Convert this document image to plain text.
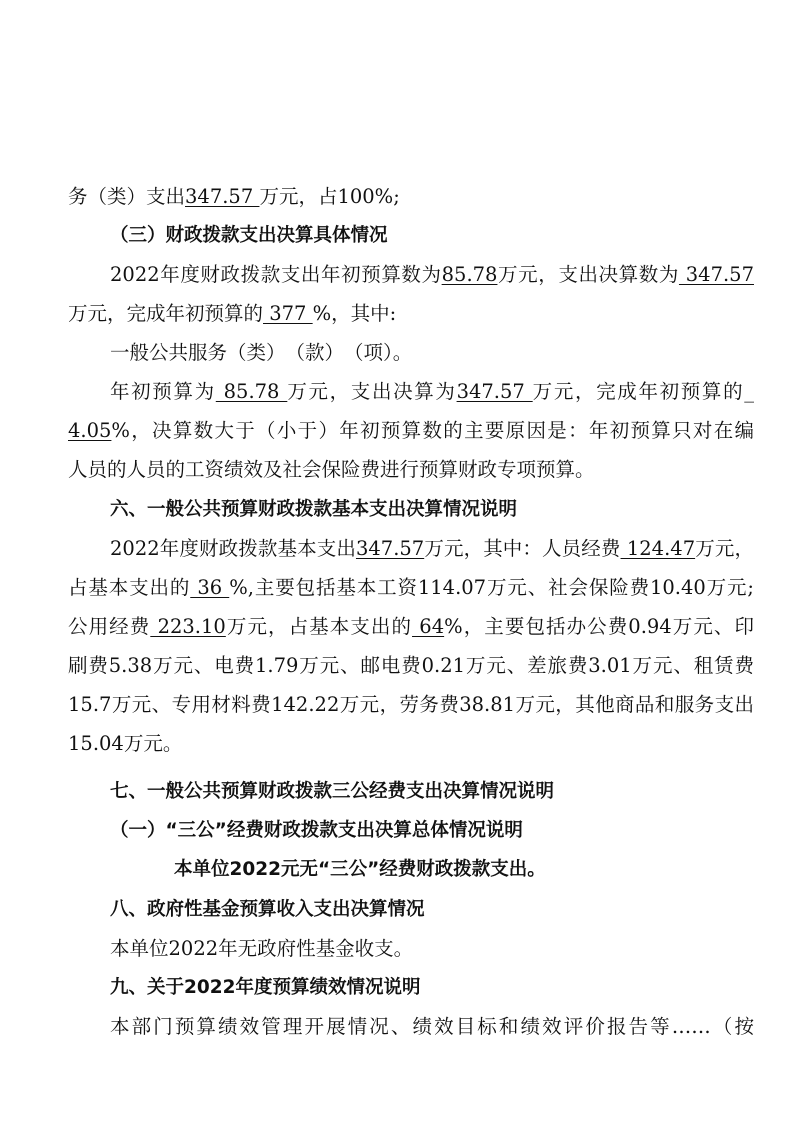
务（类）支出347.57 万元，占100%;
（三）财政拨款支出决算具体情况
2022年度财政拨款支出年初预算数为85.78万元，支出决算数为 347.57
万元，完成年初预算的 377 %，其中:
一般公共服务（类）　（款）　（项）。
年初预算为 85.78 万元，支出决算为347.57 万元，完成年初预算的_
4.05%，决算数大于（小于）年初预算数的主要原因是：年初预算只对在编
人员的人员的工资绩效及社会保险费进行预算财政专项预算。
六、一般公共预算财政拨款基本支出决算情况说明
2022年度财政拨款基本支出347.57万元，其中：人员经费 124.47万元，
占基本支出的 36 %,主要包括基本工资114.07万元、社会保险费10.40万元;
公用经费 223.10万元，占基本支出的 64%，主要包括办公费0.94万元、印
刷费5.38万元、电费1.79万元、邮电费0.21万元、差旅费3.01万元、租赁费
15.7万元、专用材料费142.22万元，劳务费38.81万元，其他商品和服务支出
15.04万元。
七、一般公共预算财政拨款三公经费支出决算情况说明
（一）“三公”经费财政拨款支出决算总体情况说明
本单位2022元无“三公”经费财政拨款支出。
八、政府性基金预算收入支出决算情况
本单位2022年无政府性基金收支。
九、关于2022年度预算绩效情况说明
本部门预算绩效管理开展情况、绩效目标和绩效评价报告等……（按
